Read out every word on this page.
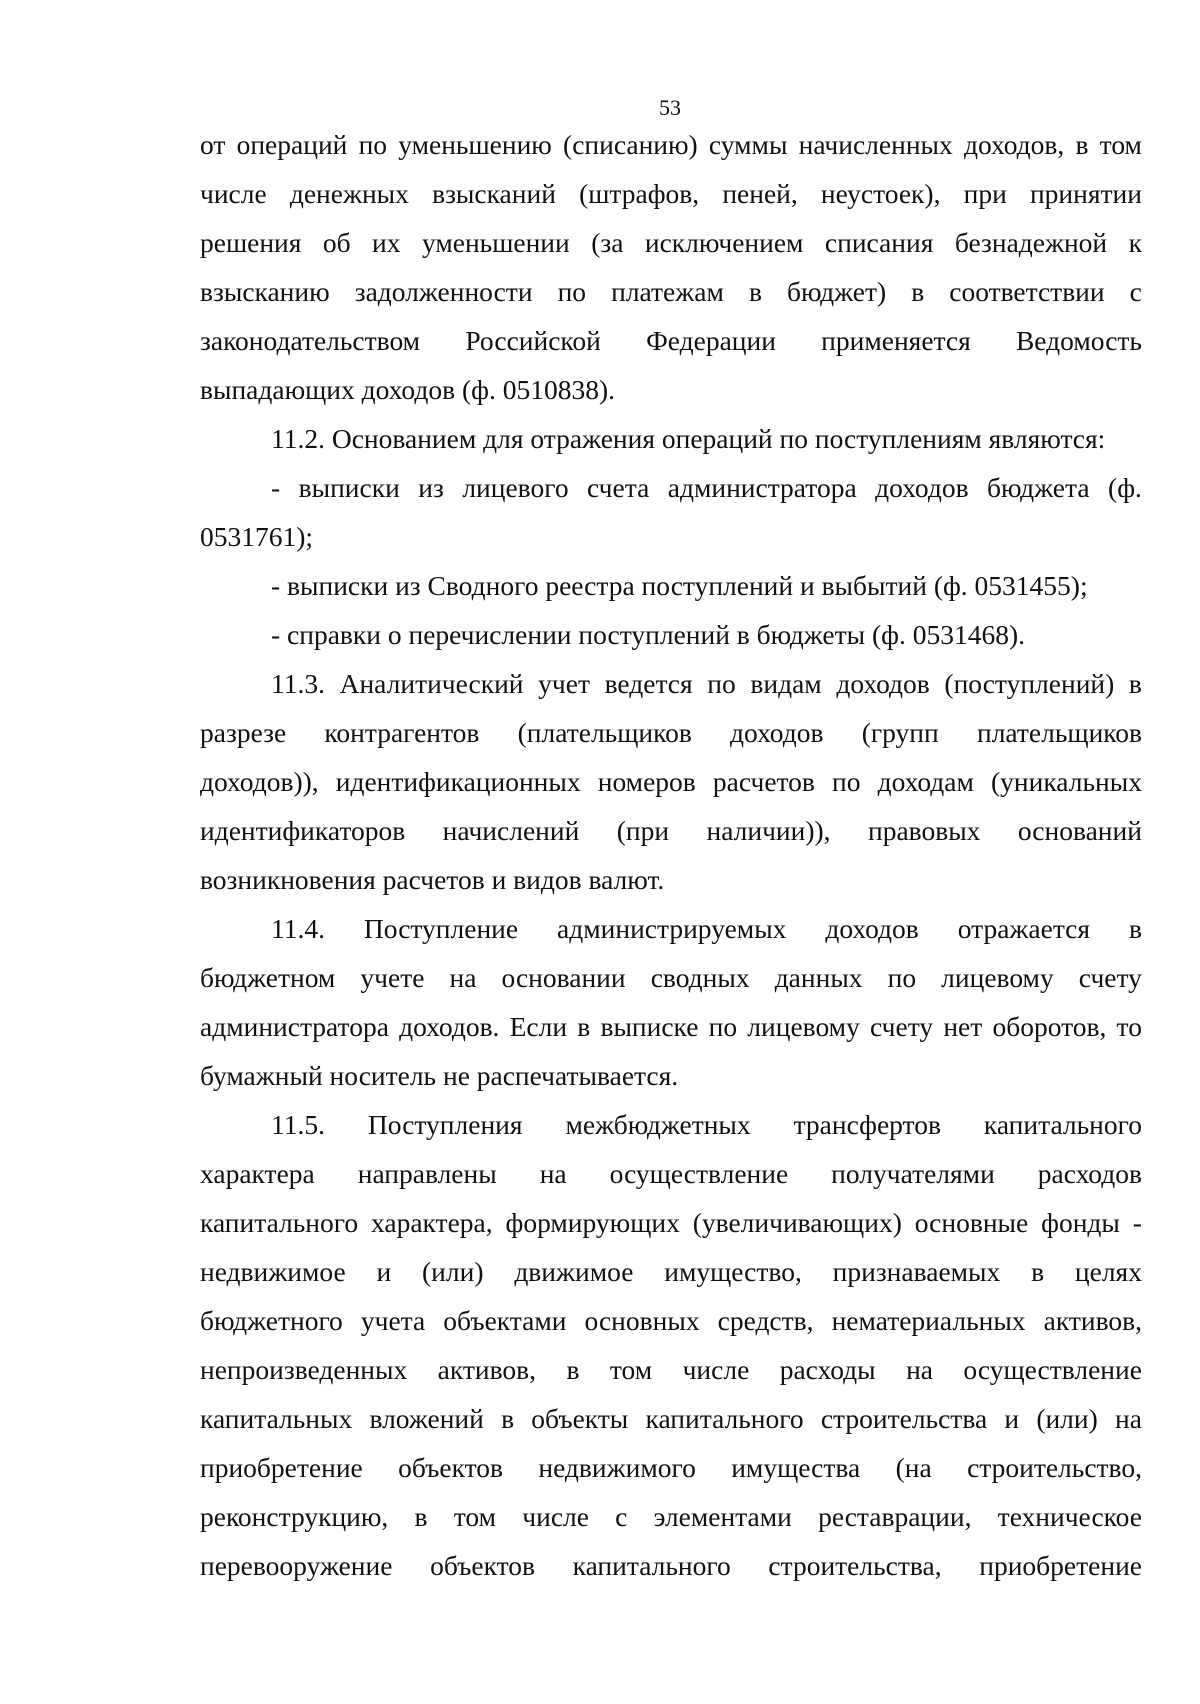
53
от операций по уменьшению (списанию) суммы начисленных доходов, в том
числе денежных взысканий (штрафов, пеней, неустоек), при принятии
решения об их уменьшении (за исключением списания безнадежной к
взысканию задолженности по платежам в бюджет) в соответствии с
законодательством Российской Федерации применяется Ведомость
выпадающих доходов (ф. 0510838).
11.2. Основанием для отражения операций по поступлениям являются:
- выписки из лицевого счета администратора доходов бюджета (ф.
0531761);
- выписки из Сводного реестра поступлений и выбытий (ф. 0531455);
- справки о перечислении поступлений в бюджеты (ф. 0531468).
11.3. Аналитический учет ведется по видам доходов (поступлений) в
разрезе контрагентов (плательщиков доходов (групп плательщиков
доходов)), идентификационных номеров расчетов по доходам (уникальных
идентификаторов начислений (при наличии)), правовых оснований
возникновения расчетов и видов валют.
11.4. Поступление администрируемых доходов отражается в
бюджетном учете на основании сводных данных по лицевому счету
администратора доходов. Если в выписке по лицевому счету нет оборотов, то
бумажный носитель не распечатывается.
11.5. Поступления межбюджетных трансфертов капитального
характера направлены на осуществление получателями расходов
капитального характера, формирующих (увеличивающих) основные фонды -
недвижимое и (или) движимое имущество, признаваемых в целях
бюджетного учета объектами основных средств, нематериальных активов,
непроизведенных активов, в том числе расходы на осуществление
капитальных вложений в объекты капитального строительства и (или) на
приобретение объектов недвижимого имущества (на строительство,
реконструкцию, в том числе с элементами реставрации, техническое
перевооружение объектов капитального строительства, приобретение
